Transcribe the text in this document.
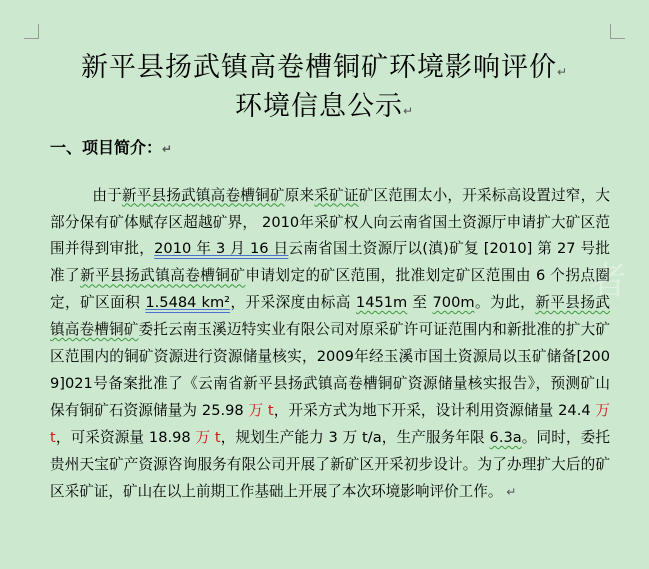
新平县扬武镇高卷槽铜矿环境影响评价↵
环境信息公示↵
一、项目简介：↵
者

由于新平县扬武镇高卷槽铜矿原来采矿证矿区范围太小，开采标高设置过窄，大部分保有矿体赋存区超越矿界， 2010年采矿权人向云南省国土资源厅申请扩大矿区范围并得到审批，2010 年 3 月 16 日云南省国土资源厅以(滇)矿复 [2010] 第 27 号批准了新平县扬武镇高卷槽铜矿申请划定的矿区范围，批准划定矿区范围由 6 个拐点圈定，矿区面积 1.5484 km²，开采深度由标高 1451m 至 700m。为此，新平县扬武镇高卷槽铜矿委托云南玉溪迈特实业有限公司对原采矿许可证范围内和新批准的扩大矿区范围内的铜矿资源进行资源储量核实，2009年经玉溪市国土资源局以玉矿储备[2009]021号备案批准了《云南省新平县扬武镇高卷槽铜矿资源储量核实报告》，预测矿山保有铜矿石资源储量为 25.98 万 t，开采方式为地下开采，设计利用资源储量 24.4 万 t，可采资源量 18.98 万 t，规划生产能力 3 万 t/a，生产服务年限 6.3a。同时，委托贵州天宝矿产资源咨询服务有限公司开展了新矿区开采初步设计。为了办理扩大后的矿区采矿证，矿山在以上前期工作基础上开展了本次环境影响评价工作。 ↵
